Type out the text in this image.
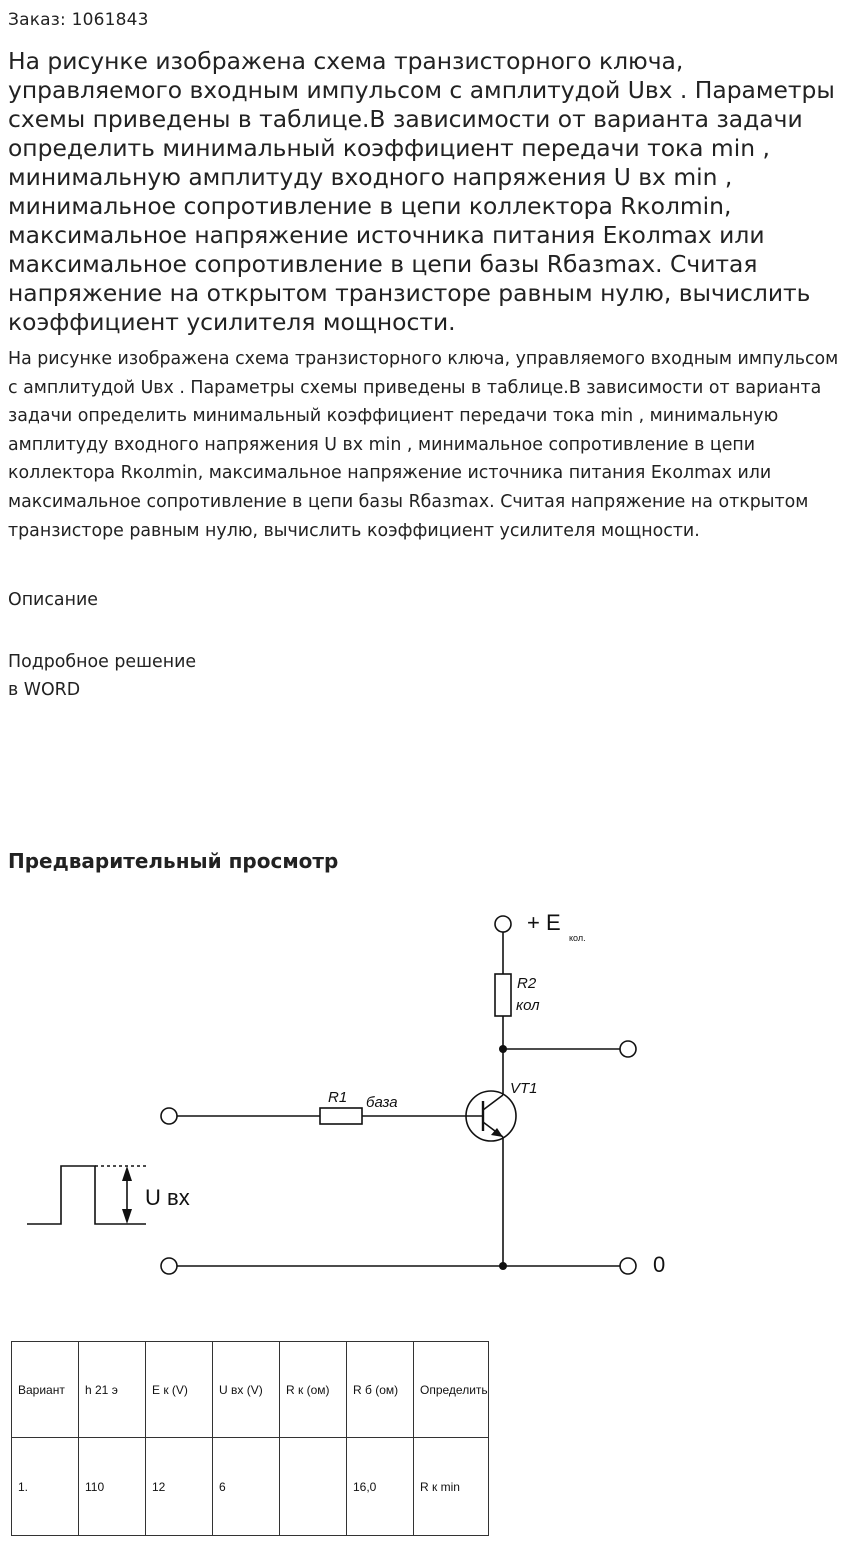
Заказ: 1061843
На рисунке изображена схема транзисторного ключа, управляемого входным импульсом с амплитудой Uвх . Параметры схемы приведены в таблице.В зависимости от варианта задачи определить минимальный коэффициент передачи тока min , минимальную амплитуду входного напряжения U вх min , минимальное сопротивление в цепи коллектора Rколmin, максимальное напряжение источника питания Eколmax или максимальное сопротивление в цепи базы Rбазmax. Считая напряжение на открытом транзисторе равным нулю, вычислить коэффициент усилителя мощности.

На рисунке изображена схема транзисторного ключа, управляемого входным импульсом с амплитудой Uвх . Параметры схемы приведены в таблице.В зависимости от варианта задачи определить минимальный коэффициент передачи тока min , минимальную амплитуду входного напряжения U вх min , минимальное сопротивление в цепи коллектора Rколmin, максимальное напряжение источника питания Eколmax или максимальное сопротивление в цепи базы Rбазmax. Считая напряжение на открытом транзисторе равным нулю, вычислить коэффициент усилителя мощности.

Описание
Подробное решение
в WORD
Предварительный просмотр
+ E
кол.
R2
кол
VT1
R1 база
U вх
0
Вариант	h 21 э	E к (V)	U вх (V)	R к (ом)	R б (ом)	Определить
1.	110	12	6		16,0	R к min
